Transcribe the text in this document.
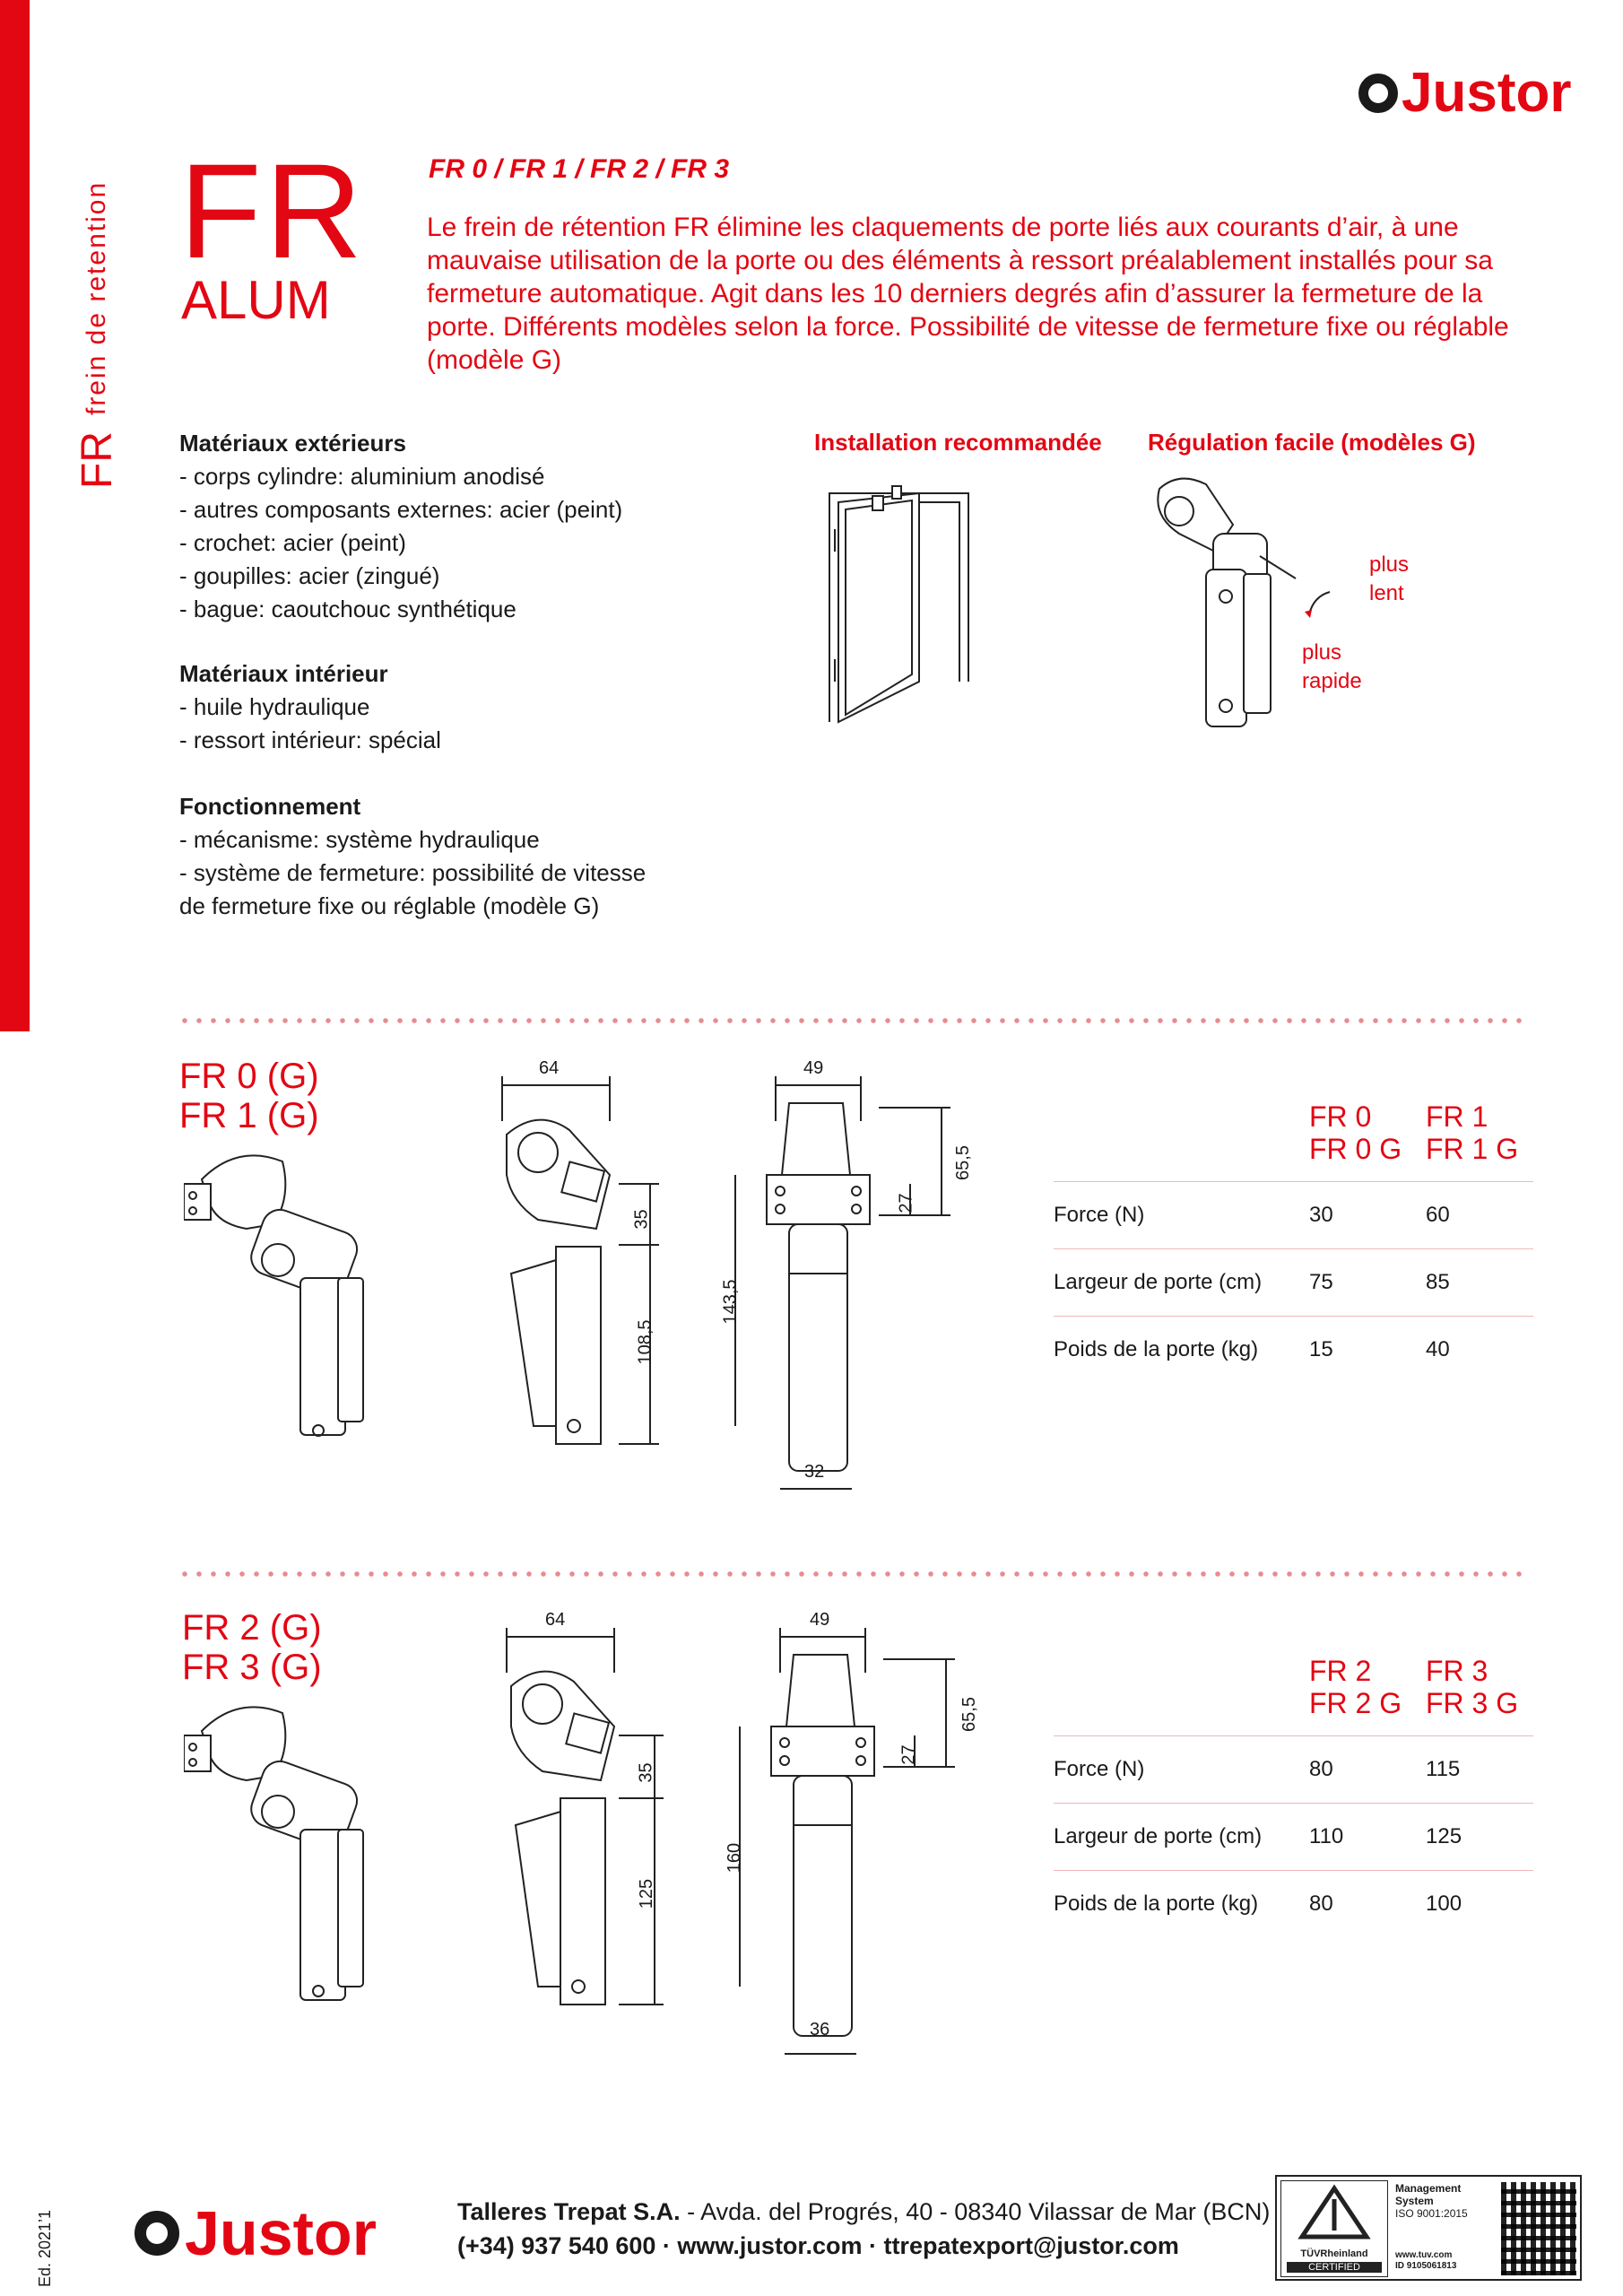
FR
frein de retention
Justor
FR
ALUM
FR 0 / FR 1 / FR 2 / FR 3

Le frein de rétention FR élimine les claquements de porte liés aux courants d’air, à une mauvaise utilisation de la porte ou des éléments à ressort préalablement installés pour sa fermeture automatique. Agit dans les 10 derniers degrés afin d’assurer la fermeture de la porte. Différents modèles selon la force. Possibilité de vitesse de fermeture fixe ou réglable (modèle G)

Matériaux extérieurs
- corps cylindre: aluminium anodisé
- autres composants externes: acier (peint)
- crochet: acier (peint)
- goupilles: acier (zingué)
- bague: caoutchouc synthétique
Matériaux intérieur
- huile hydraulique
- ressort intérieur: spécial
Fonctionnement
- mécanisme: système hydraulique
- système de fermeture: possibilité de vitesse
de fermeture fixe ou réglable (modèle G)
Installation recommandée Régulation facile (modèles G)
plus
lent
plus
rapide
FR 0 (G)
FR 1 (G)
64
35
108,5
49
65,5
27
143,5
32
FR 0
FR 0 G
FR 1
FR 1 G
Force (N)	30	60
Largeur de porte (cm)	75	85
Poids de la porte (kg)	15	40
FR 2 (G)
FR 3 (G)
64
35
125
49
65,5
27
160
36
FR 2
FR 2 G
FR 3
FR 3 G
Force (N)	80	115
Largeur de porte (cm)	110	125
Poids de la porte (kg)	80	100
Ed. 2021’1 Justor	Talleres Trepat S.A. - Avda. del Progrés, 40 - 08340 Vilassar de Mar (BCN)
(+34) 937 540 600 · www.justor.com · ttrepatexport@justor.com	TÜVRheinland
CERTIFIED
Management
System
ISO 9001:2015
www.tuv.com
ID 9105061813
